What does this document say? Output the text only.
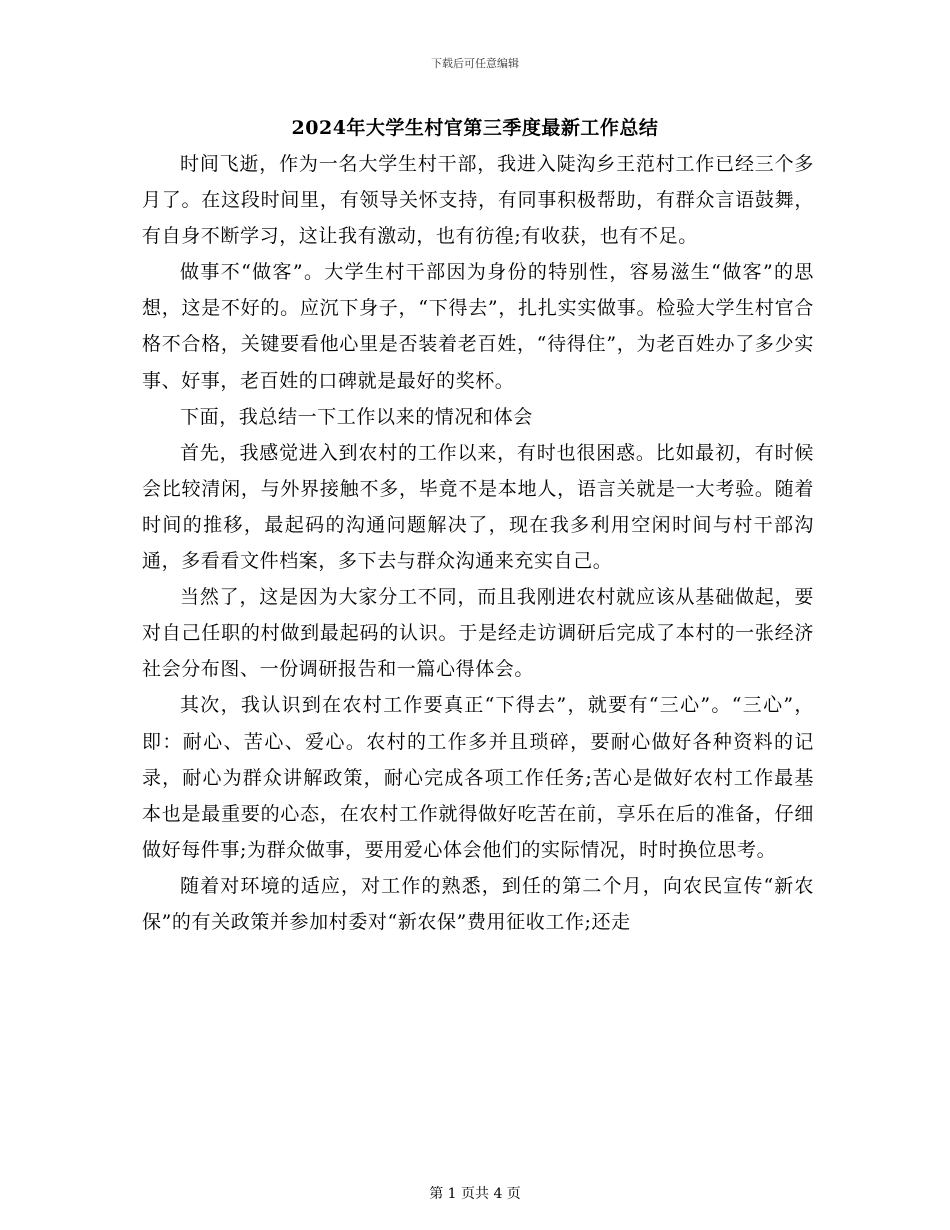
下载后可任意编辑
2024年大学生村官第三季度最新工作总结

时间飞逝，作为一名大学生村干部，我进入陡沟乡王范村工作已经三个多月了。在这段时间里，有领导关怀支持，有同事积极帮助，有群众言语鼓舞，有自身不断学习，这让我有激动，也有彷徨;有收获，也有不足。

做事不“做客”。大学生村干部因为身份的特别性，容易滋生“做客”的思想，这是不好的。应沉下身子，“下得去”，扎扎实实做事。检验大学生村官合格不合格，关键要看他心里是否装着老百姓，“待得住”，为老百姓办了多少实事、好事，老百姓的口碑就是最好的奖杯。

下面，我总结一下工作以来的情况和体会

首先，我感觉进入到农村的工作以来，有时也很困惑。比如最初，有时候会比较清闲，与外界接触不多，毕竟不是本地人，语言关就是一大考验。随着时间的推移，最起码的沟通问题解决了，现在我多利用空闲时间与村干部沟通，多看看文件档案，多下去与群众沟通来充实自己。

当然了，这是因为大家分工不同，而且我刚进农村就应该从基础做起，要对自己任职的村做到最起码的认识。于是经走访调研后完成了本村的一张经济社会分布图、一份调研报告和一篇心得体会。

其次，我认识到在农村工作要真正“下得去”，就要有“三心”。“三心”，即：耐心、苦心、爱心。农村的工作多并且琐碎，要耐心做好各种资料的记录，耐心为群众讲解政策，耐心完成各项工作任务;苦心是做好农村工作最基本也是最重要的心态，在农村工作就得做好吃苦在前，享乐在后的准备，仔细做好每件事;为群众做事，要用爱心体会他们的实际情况，时时换位思考。

随着对环境的适应，对工作的熟悉，到任的第二个月，向农民宣传“新农保”的有关政策并参加村委对“新农保”费用征收工作;还走

第 1 页共 4 页
